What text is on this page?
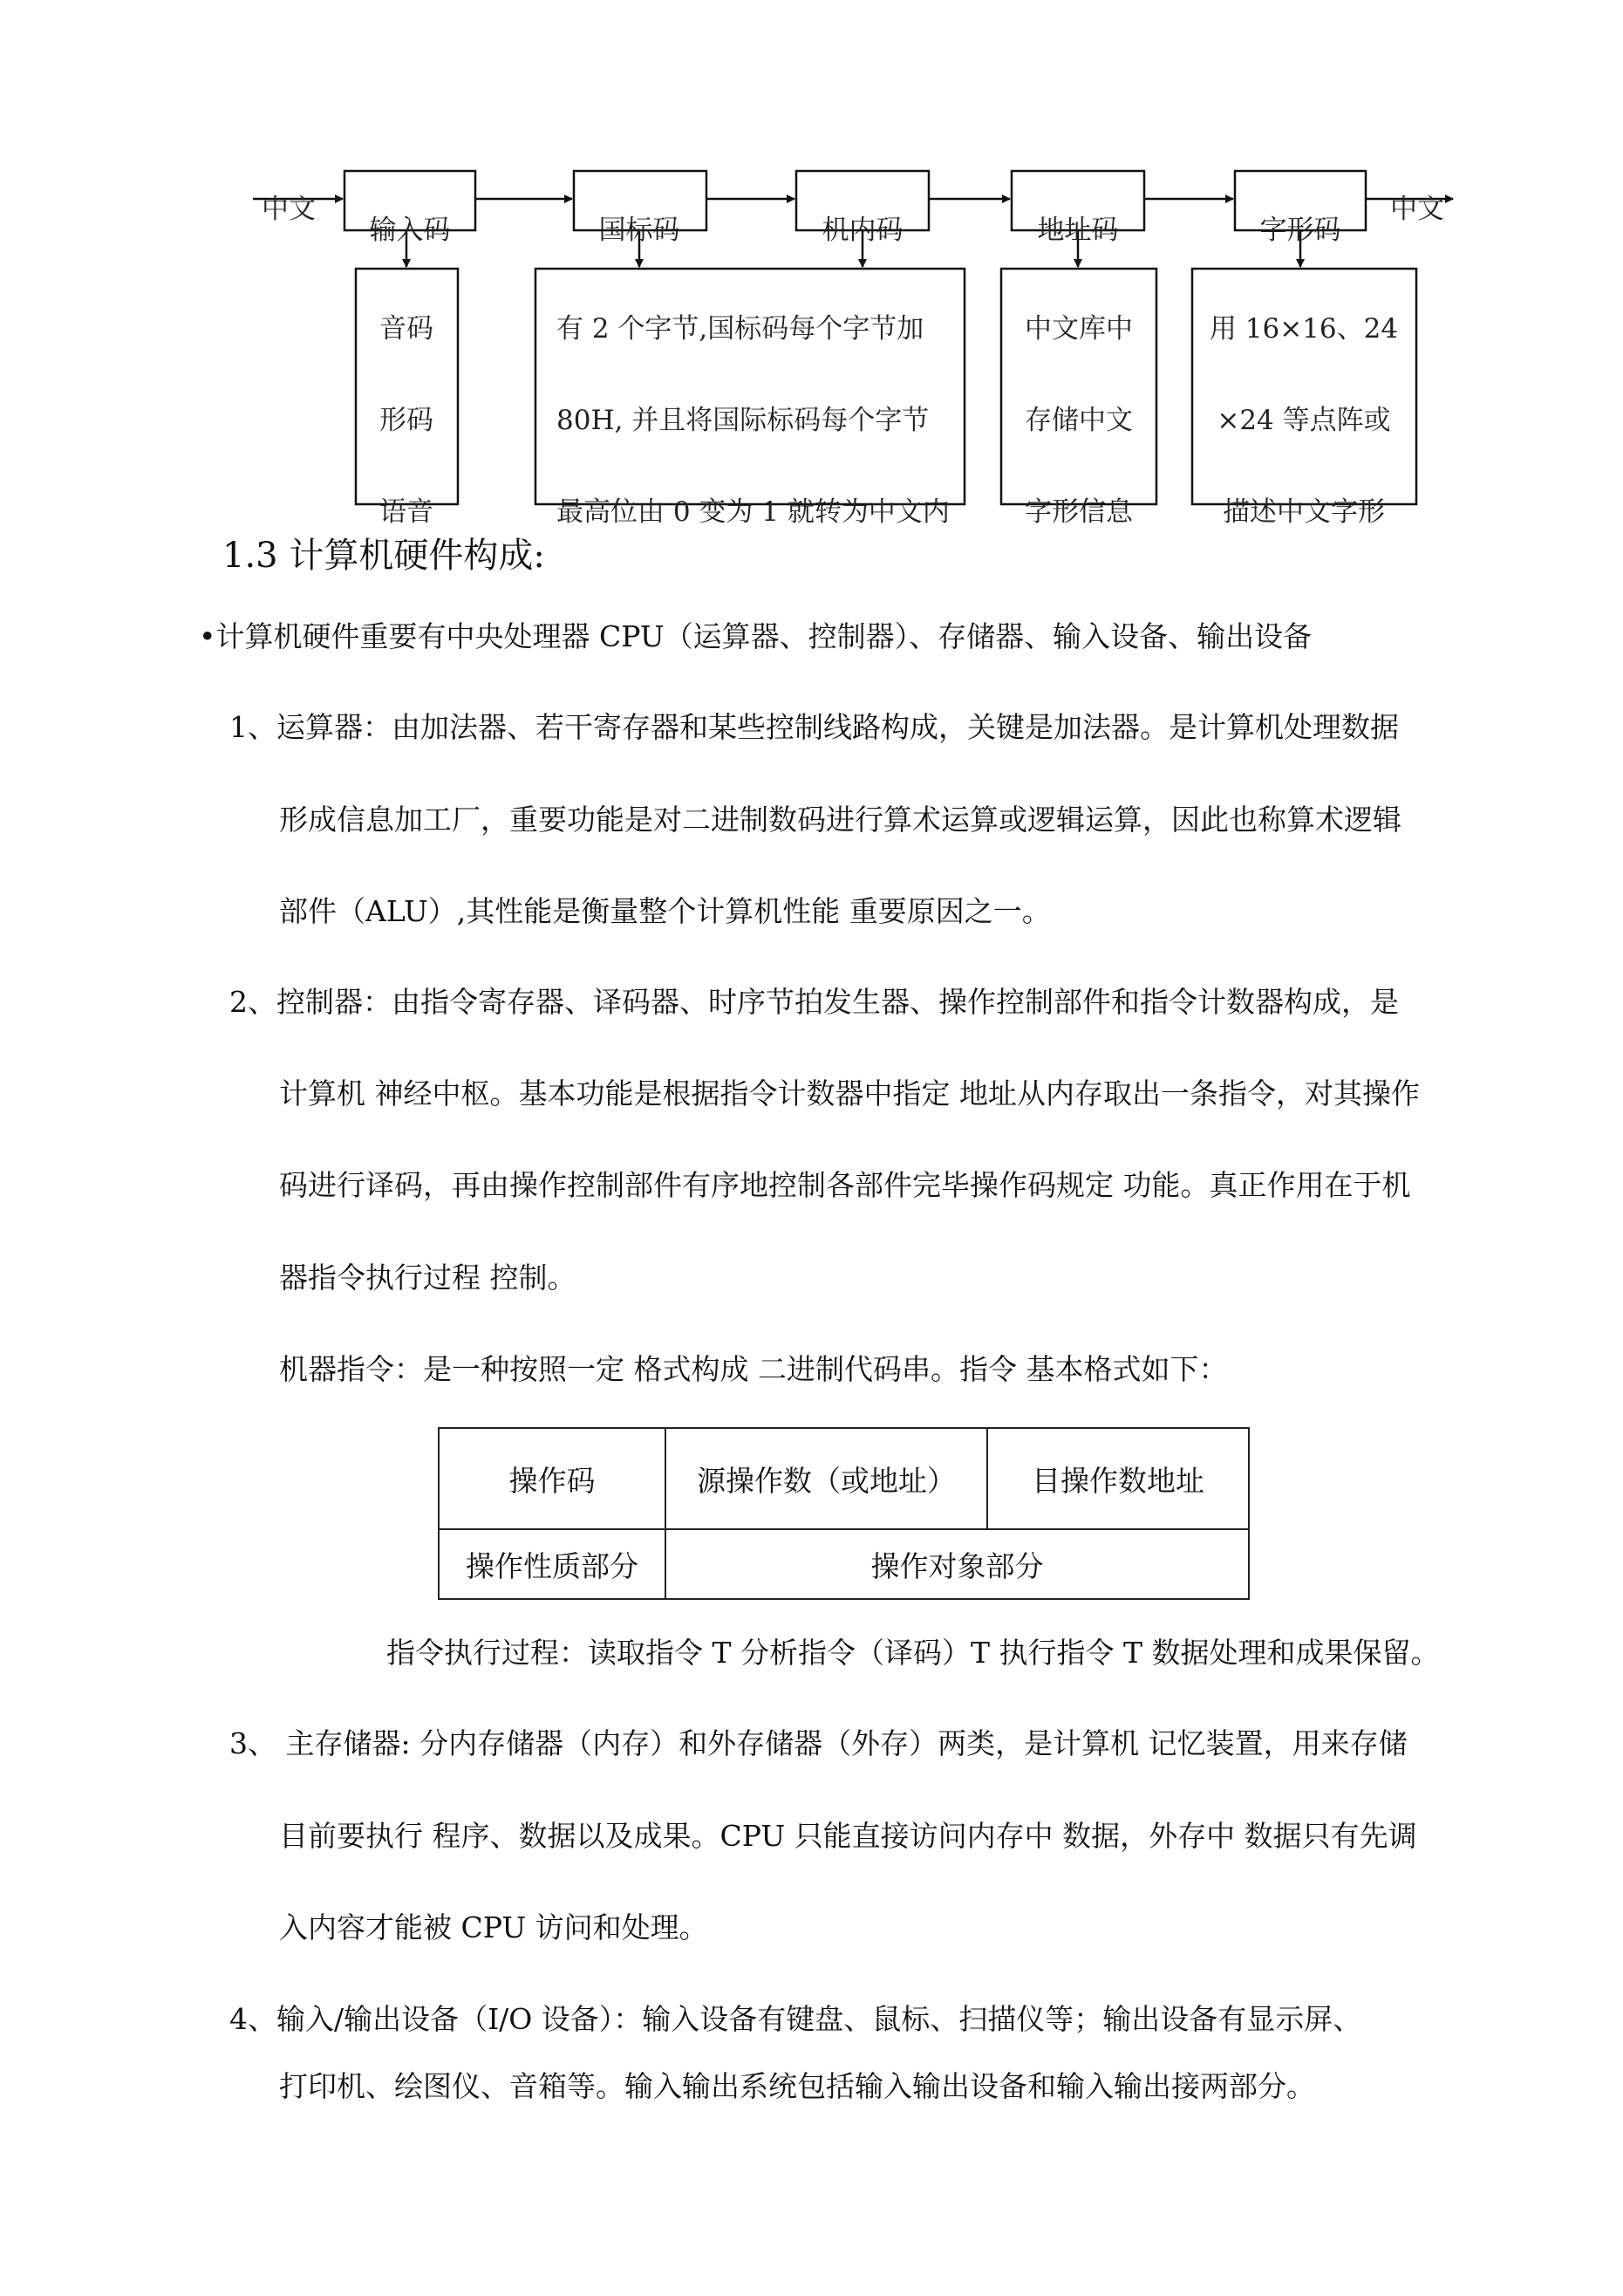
中文	中文
输入码	国标码	机内码	地址码	字形码
音码
形码
语音
有 2 个字节,国标码每个字节加
80H, 并且将国际标码每个字节
最高位由 0 变为 1 就转为中文内
中文库中
存储中文
字形信息
用 16×16、24
×24 等点阵或
描述中文字形
1.3 计算机硬件构成:
•计算机硬件重要有中央处理器 CPU（运算器、控制器）、存储器、输入设备、输出设备
1、运算器：由加法器、若干寄存器和某些控制线路构成，关键是加法器。是计算机处理数据
形成信息加工厂，重要功能是对二进制数码进行算术运算或逻辑运算，因此也称算术逻辑
部件（ALU）,其性能是衡量整个计算机性能 重要原因之一。
2、控制器：由指令寄存器、译码器、时序节拍发生器、操作控制部件和指令计数器构成，是
计算机 神经中枢。基本功能是根据指令计数器中指定 地址从内存取出一条指令，对其操作
码进行译码，再由操作控制部件有序地控制各部件完毕操作码规定 功能。真正作用在于机
器指令执行过程 控制。
机器指令：是一种按照一定 格式构成 二进制代码串。指令 基本格式如下：
操作码	源操作数（或地址）	目操作数地址
操作性质部分	操作对象部分	
指令执行过程：读取指令 T 分析指令（译码）T 执行指令 T 数据处理和成果保留。
3、 主存储器: 分内存储器（内存）和外存储器（外存）两类，是计算机 记忆装置，用来存储
目前要执行 程序、数据以及成果。CPU 只能直接访问内存中 数据，外存中 数据只有先调
入内容才能被 CPU 访问和处理。
4、输入/输出设备（I/O 设备）：输入设备有键盘、鼠标、扫描仪等；输出设备有显示屏、
打印机、绘图仪、音箱等。输入输出系统包括输入输出设备和输入输出接两部分。
